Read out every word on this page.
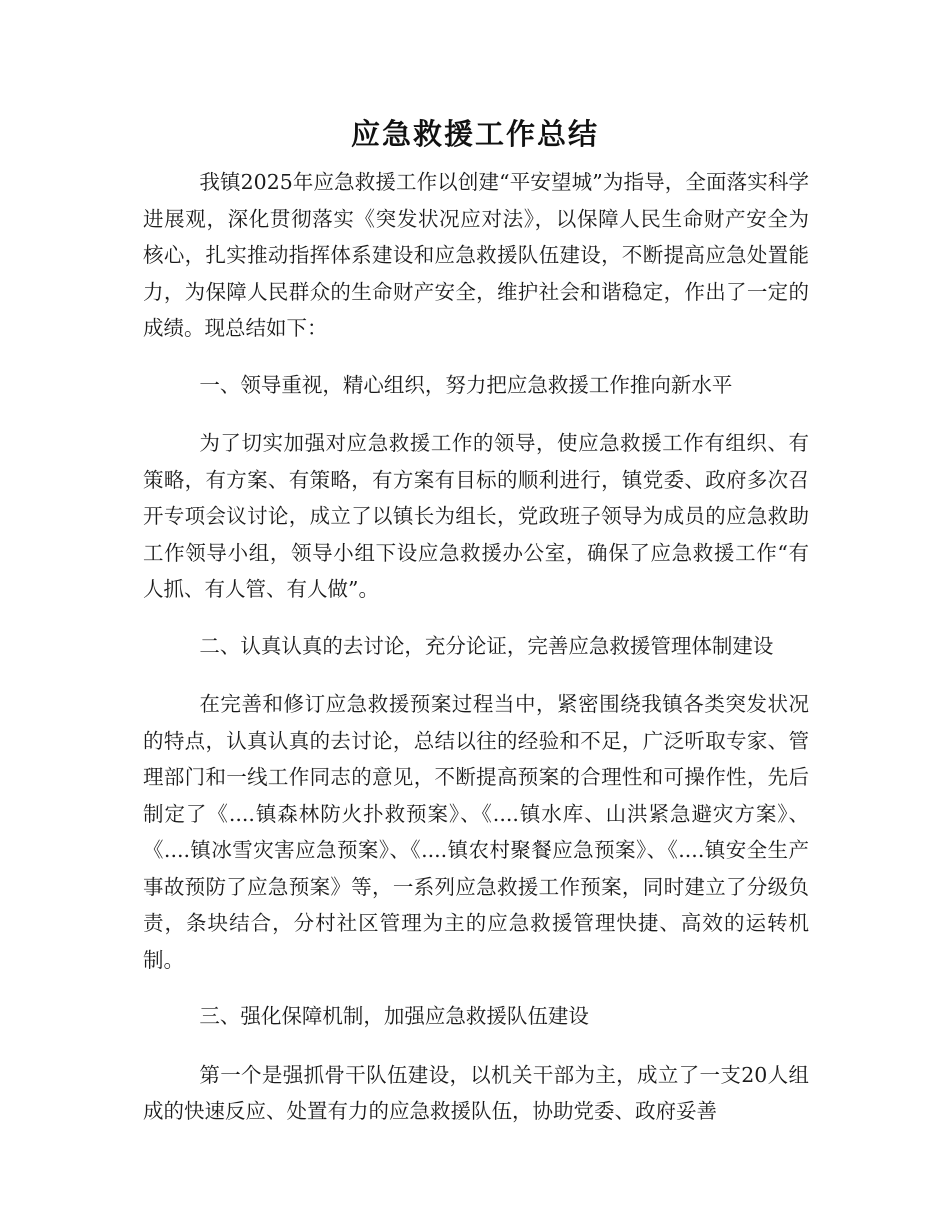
应急救援工作总结

我镇2025年应急救援工作以创建“平安望城”为指导，全面落实科学进展观，深化贯彻落实《突发状况应对法》，以保障人民生命财产安全为核心，扎实推动指挥体系建设和应急救援队伍建设，不断提高应急处置能力，为保障人民群众的生命财产安全，维护社会和谐稳定，作出了一定的成绩。现总结如下：

一、领导重视，精心组织，努力把应急救援工作推向新水平

为了切实加强对应急救援工作的领导，使应急救援工作有组织、有策略，有方案、有策略，有方案有目标的顺利进行，镇党委、政府多次召开专项会议讨论，成立了以镇长为组长，党政班子领导为成员的应急救助工作领导小组，领导小组下设应急救援办公室，确保了应急救援工作“有人抓、有人管、有人做”。

二、认真认真的去讨论，充分论证，完善应急救援管理体制建设

在完善和修订应急救援预案过程当中，紧密围绕我镇各类突发状况的特点，认真认真的去讨论，总结以往的经验和不足，广泛听取专家、管理部门和一线工作同志的意见，不断提高预案的合理性和可操作性，先后制定了《....镇森林防火扑救预案》、《....镇水库、山洪紧急避灾方案》、《....镇冰雪灾害应急预案》、《....镇农村聚餐应急预案》、《....镇安全生产事故预防了应急预案》等，一系列应急救援工作预案，同时建立了分级负责，条块结合，分村社区管理为主的应急救援管理快捷、高效的运转机制。

三、强化保障机制，加强应急救援队伍建设

第一个是强抓骨干队伍建设，以机关干部为主，成立了一支20人组成的快速反应、处置有力的应急救援队伍，协助党委、政府妥善
